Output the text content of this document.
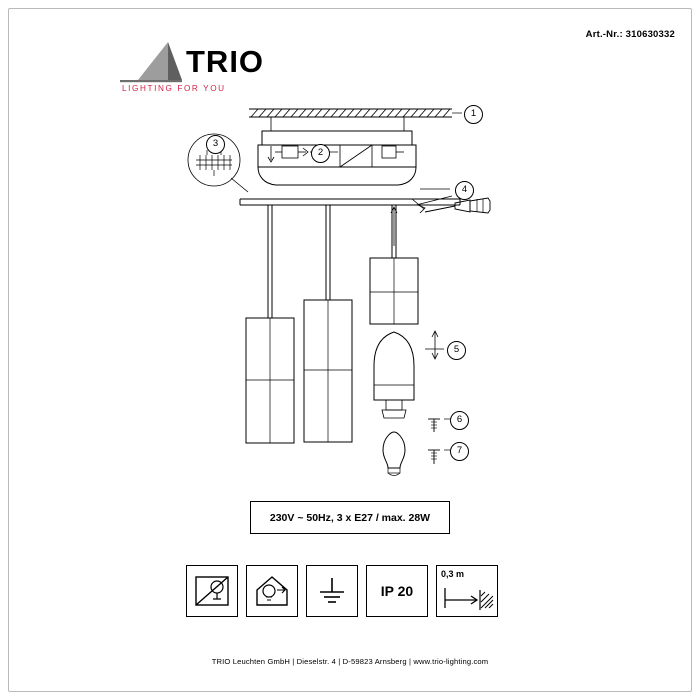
Art.-Nr.: 310630332
TRIO
LIGHTING FOR YOU
1
2
3
4
5
6
7
230V ~ 50Hz, 3 x E27 / max. 28W
IP 20
0,3 m
TRIO Leuchten GmbH | Dieselstr. 4 | D-59823 Arnsberg | www.trio-lighting.com
